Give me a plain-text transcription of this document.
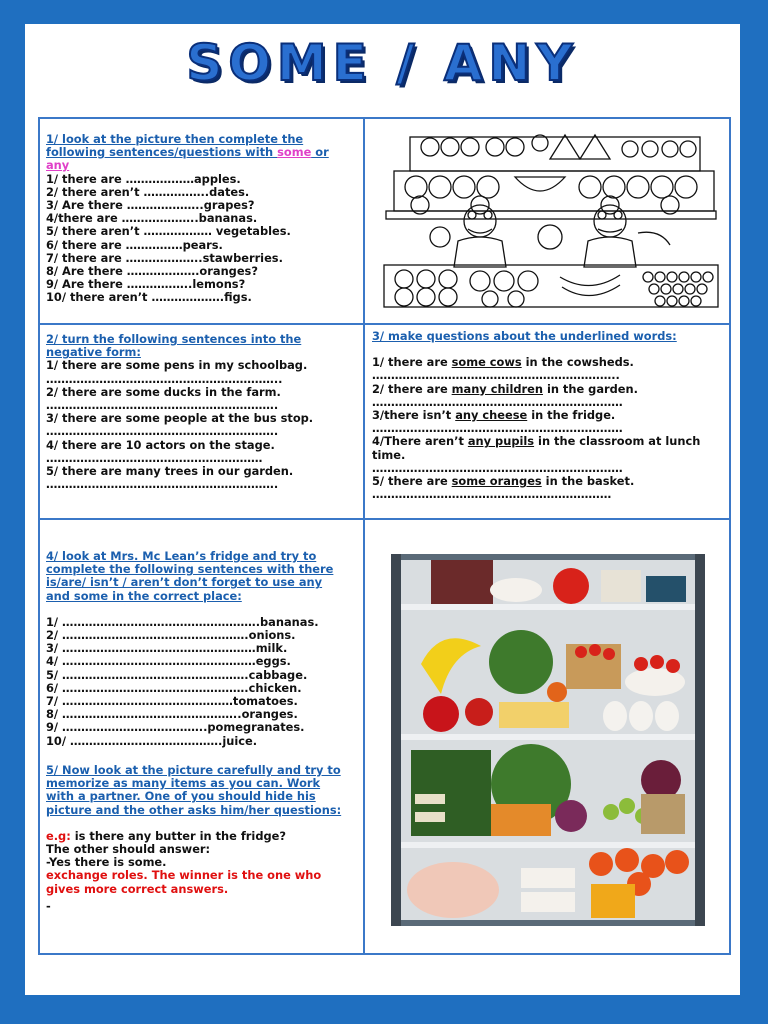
SOME / ANY
1/ look at the picture then complete the
following sentences/questions with some or
any
1/ there are ………………apples.
2/ there aren’t ……………..dates.
3/ Are there ………………..grapes?
4/there are ………………..bananas.
5/ there aren’t ……………… vegetables.
6/ there are ……………pears.
7/ there are ………………..stawberries.
8/ Are there ……………….oranges?
9/ Are there ……………..lemons?
10/ there aren’t ……………….figs.
2/ turn the following sentences into the
negative form:
1/ there are some pens in my schoolbag.
……………………………………………………..
2/ there are some ducks in the farm.
…………………………………………………….
3/ there are some people at the bus stop.
…………………………………………………….
4/ there are 10 actors on the stage.
…………………………………………………
5/ there are many trees in our garden.
…………………………………………………….
3/ make questions about the underlined words:
1/ there are some cows in the cowsheds.
………………………………………………………..
2/ there are many children in the garden.
…………………………………………………………
3/there isn’t any cheese in the fridge.
…………………………………………………………
4/There aren’t any pupils in the classroom at lunch
time.
…………………………………………………………
5/ there are some oranges in the basket.
………………………………………………………
4/ look at Mrs. Mc Lean’s fridge and try to
complete the following sentences with there
is/are/ isn’t / aren’t don’t forget to use any
and some in the correct place:
1/ …………………………………………….bananas.
2/ ………………………………………….onions.
3/ ……………………………………………milk.
4/ ……………………………………………eggs.
5/ ………………………………………….cabbage.
6/ ………………………………………….chicken.
7/ ………………………………………tomatoes.
8/ ………………………………………..oranges.
9/ ………………………………..pomegranates.
10/ ………………………………….juice.
5/ Now look at the picture carefully and try to
memorize as many items as you can. Work
with a partner. One of you should hide his
picture and the other asks him/her questions:
e.g: is there any butter in the fridge?
The other should answer:
-Yes there is some.
exchange roles. The winner is the one who
gives more correct answers.
-
